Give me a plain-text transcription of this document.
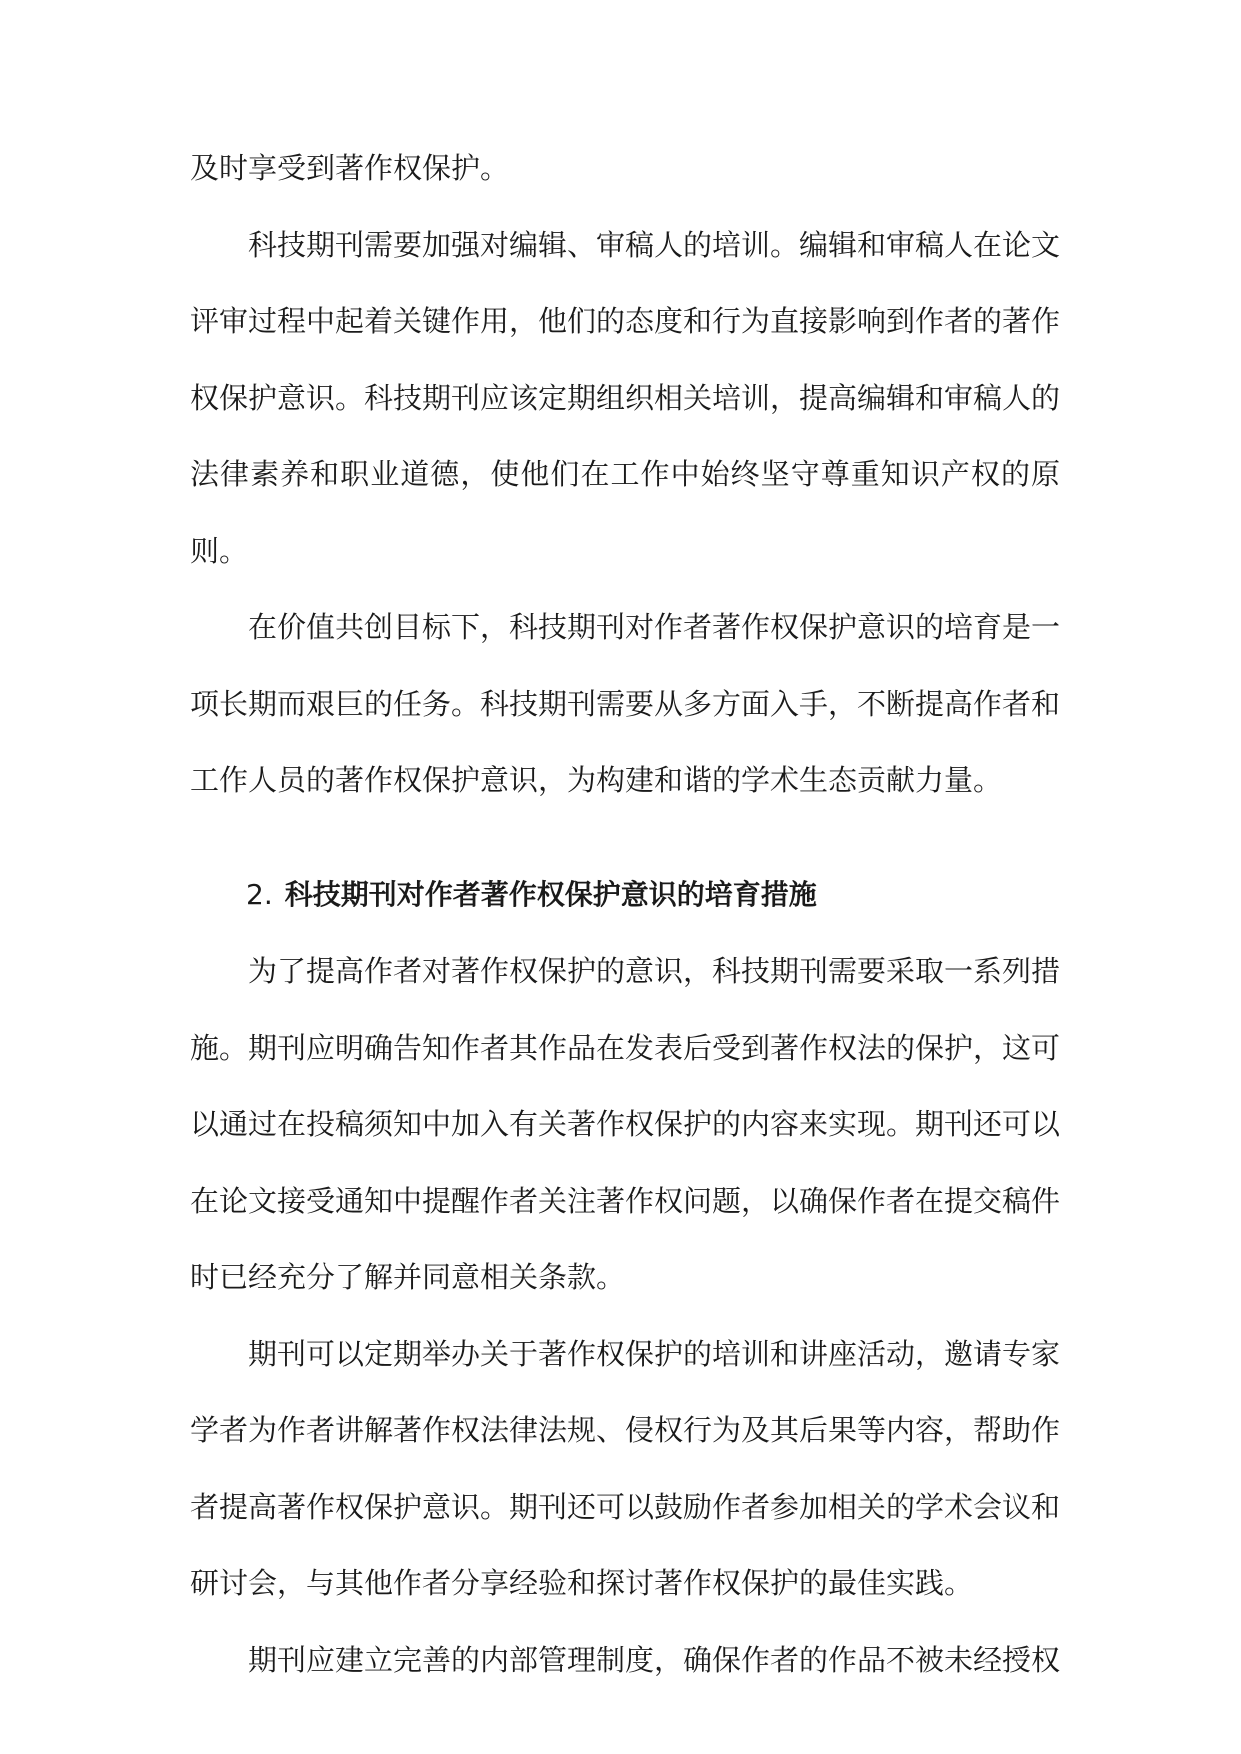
及时享受到著作权保护。

科技期刊需要加强对编辑、审稿人的培训。编辑和审稿人在论文评审过程中起着关键作用，他们的态度和行为直接影响到作者的著作权保护意识。科技期刊应该定期组织相关培训，提高编辑和审稿人的法律素养和职业道德，使他们在工作中始终坚守尊重知识产权的原则。

在价值共创目标下，科技期刊对作者著作权保护意识的培育是一项长期而艰巨的任务。科技期刊需要从多方面入手，不断提高作者和工作人员的著作权保护意识，为构建和谐的学术生态贡献力量。

2. 科技期刊对作者著作权保护意识的培育措施

为了提高作者对著作权保护的意识，科技期刊需要采取一系列措施。期刊应明确告知作者其作品在发表后受到著作权法的保护，这可以通过在投稿须知中加入有关著作权保护的内容来实现。期刊还可以在论文接受通知中提醒作者关注著作权问题，以确保作者在提交稿件时已经充分了解并同意相关条款。

期刊可以定期举办关于著作权保护的培训和讲座活动，邀请专家学者为作者讲解著作权法律法规、侵权行为及其后果等内容，帮助作者提高著作权保护意识。期刊还可以鼓励作者参加相关的学术会议和研讨会，与其他作者分享经验和探讨著作权保护的最佳实践。

期刊应建立完善的内部管理制度，确保作者的作品不被未经授权
